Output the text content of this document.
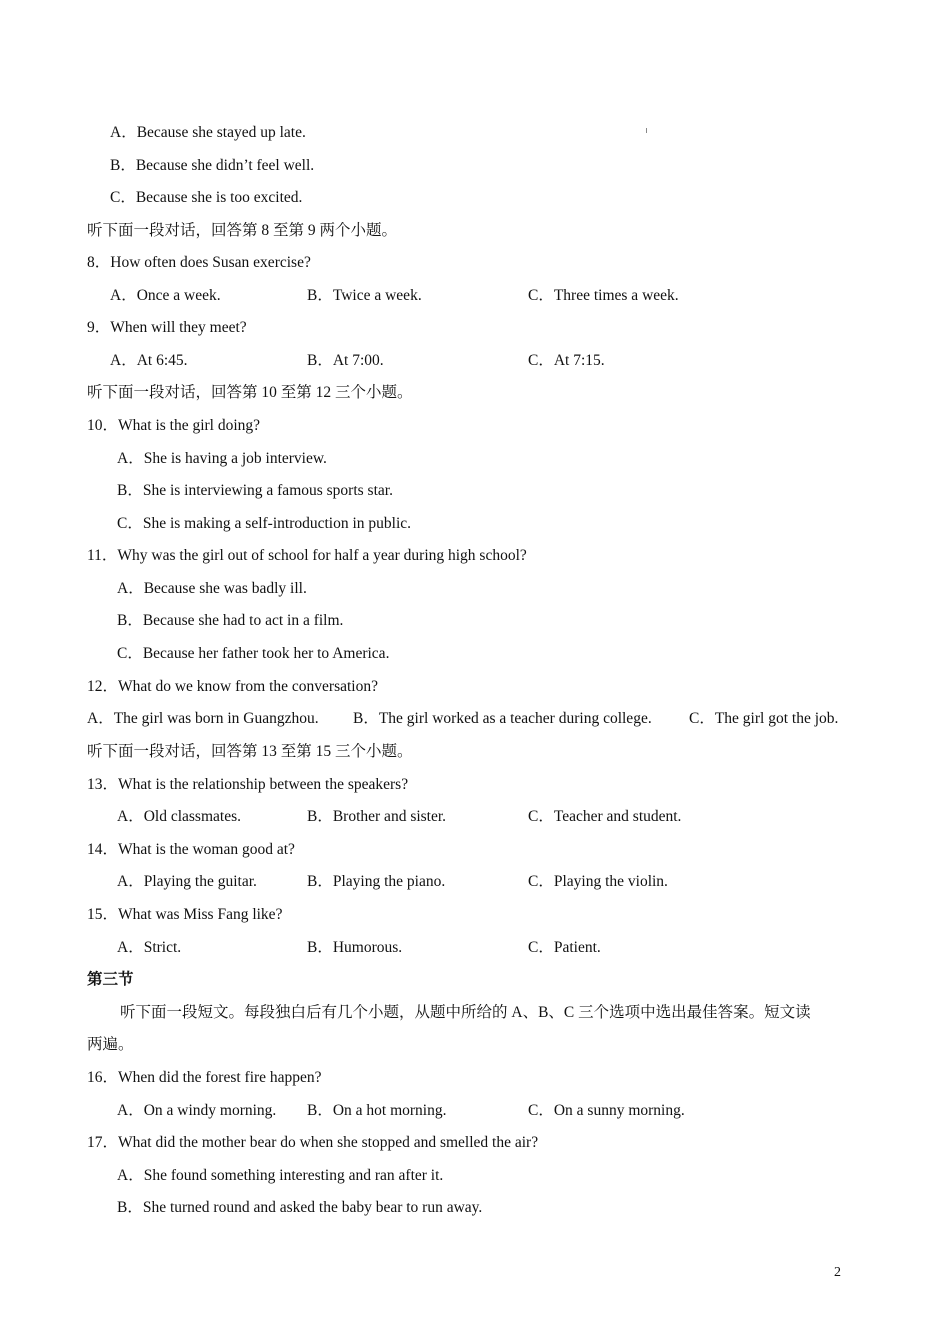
A．Because she stayed up late.
B．Because she didn’t feel well.
C．Because she is too excited.
听下面一段对话，回答第 8 至第 9 两个小题。
8．How often does Susan exercise?
A．Once a week.	B．Twice a week.	C．Three times a week.
9．When will they meet?
A．At 6:45.	B．At 7:00.	C．At 7:15.
听下面一段对话，回答第 10 至第 12 三个小题。
10．What is the girl doing?
A．She is having a job interview.
B．She is interviewing a famous sports star.
C．She is making a self-introduction in public.
11．Why was the girl out of school for half a year during high school?
A．Because she was badly ill.
B．Because she had to act in a film.
C．Because her father took her to America.
12．What do we know from the conversation?
A．The girl was born in Guangzhou. B．The girl worked as a teacher during college. C．The girl got the job.
听下面一段对话，回答第 13 至第 15 三个小题。
13．What is the relationship between the speakers?
A．Old classmates.	B．Brother and sister.	C．Teacher and student.
14．What is the woman good at?
A．Playing the guitar.	B．Playing the piano.	C．Playing the violin.
15．What was Miss Fang like?
A．Strict.	B．Humorous.	C．Patient.
第三节
听下面一段短文。每段独白后有几个小题，从题中所给的 A、B、C 三个选项中选出最佳答案。短文读
两遍。
16．When did the forest fire happen?
A．On a windy morning. B．On a hot morning.	C．On a sunny morning.
17．What did the mother bear do when she stopped and smelled the air?
A．She found something interesting and ran after it.
B．She turned round and asked the baby bear to run away.
2
